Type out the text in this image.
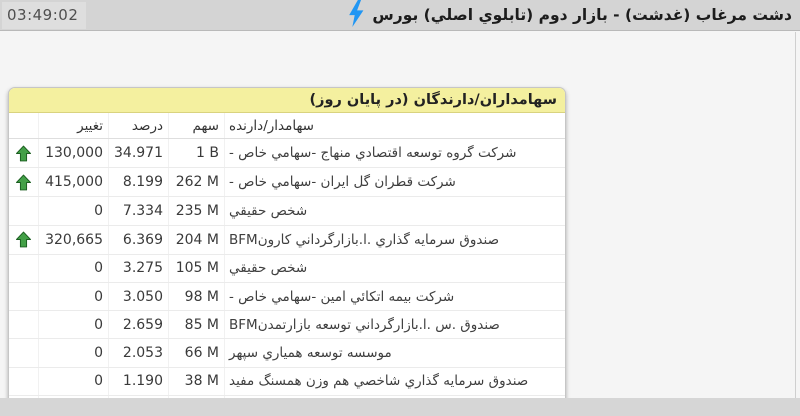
03:49:02	دشت مرغاب (غدشت) - بازار دوم (تابلوي اصلي) بورس
سهامداران/دارندگان (در پايان روز)
تغيير	درصد	سهم سهامدار/دارنده
130,000 34.971	1 B شرکت گروه توسعه اقتصادي منهاج -سهامي خاص -
415,000	8.199 262 M شرکت قطران گل ايران -سهامي خاص -
0	7.334 235 M شخص حقيقي
320,665	6.369 204 M صندوق سرمايه گذاري .ا.بازارگرداني کارونBFM
0	3.275 105 M شخص حقيقي
0	3.050	98 M شرکت بيمه اتکائي امين -سهامي خاص -
0	2.659	85 M صندوق .س .ا.بازارگرداني توسعه بازارتمدنBFM
0	2.053	66 M موسسه توسعه همياري سپهر
0	1.190	38 M صندوق سرمايه گذاري شاخصي هم وزن همسنگ مفيد
